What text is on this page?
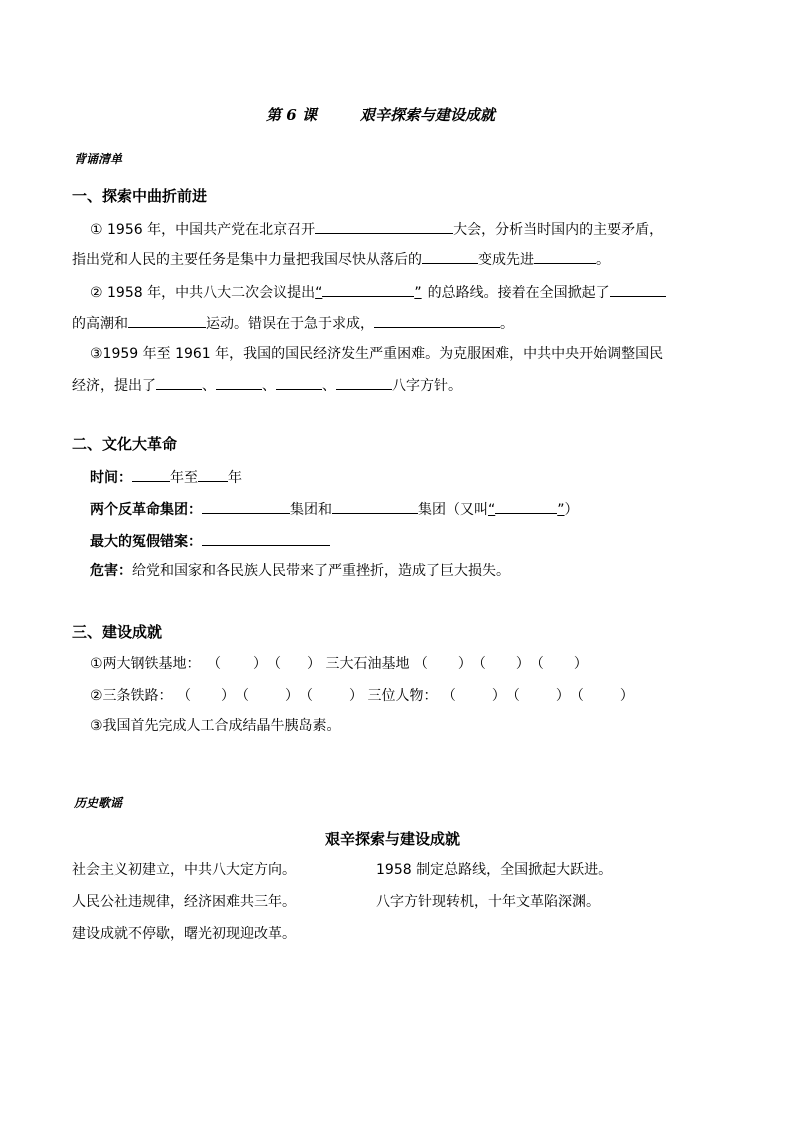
第 6 课	艰辛探索与建设成就
背诵清单
一、探索中曲折前进
① 1956 年，中国共产党在北京召开	大会，分析当时国内的主要矛盾，
指出党和人民的主要任务是集中力量把我国尽快从落后的	变成先进	。
② 1958 年，中共八大二次会议提出“	” 的总路线。接着在全国掀起了
的高潮和	运动。错误在于急于求成，	。
③1959 年至 1961 年，我国的国民经济发生严重困难。为克服困难，中共中央开始调整国民
经济，提出了	、	、	、	八字方针。
二、文化大革命
时间：	年至 年
两个反革命集团：	集团和	集团（又叫“	”）
最大的冤假错案：
危害：给党和国家和各民族人民带来了严重挫折，造成了巨大损失。
三、建设成就
①两大钢铁基地： （ ）（ ） 三大石油基地 （ ）（ ）（ ）
②三条铁路： （ ）（	）（	） 三位人物： （	）（	）（	）
③我国首先完成人工合成结晶牛胰岛素。
历史歌谣
艰辛探索与建设成就
社会主义初建立，中共八大定方向。	1958 制定总路线，全国掀起大跃进。
人民公社违规律，经济困难共三年。	八字方针现转机，十年文革陷深渊。
建设成就不停歇，曙光初现迎改革。
